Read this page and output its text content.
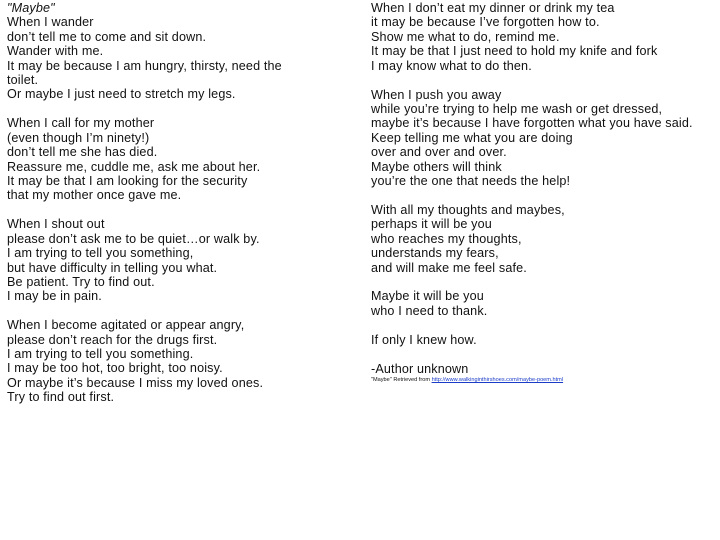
"Maybe"
When I wander
don’t tell me to come and sit down.
Wander with me.
It may be because I am hungry, thirsty, need the
toilet.
Or maybe I just need to stretch my legs.
When I call for my mother
(even though I’m ninety!)
don’t tell me she has died.
Reassure me, cuddle me, ask me about her.
It may be that I am looking for the security
that my mother once gave me.
When I shout out
please don’t ask me to be quiet…or walk by.
I am trying to tell you something,
but have difficulty in telling you what.
Be patient. Try to find out.
I may be in pain.
When I become agitated or appear angry,
please don’t reach for the drugs first.
I am trying to tell you something.
I may be too hot, too bright, too noisy.
Or maybe it’s because I miss my loved ones.
Try to find out first.
When I don’t eat my dinner or drink my tea
it may be because I’ve forgotten how to.
Show me what to do, remind me.
It may be that I just need to hold my knife and fork
I may know what to do then.
When I push you away
while you’re trying to help me wash or get dressed,
maybe it’s because I have forgotten what you have said.
Keep telling me what you are doing
over and over and over.
Maybe others will think
you’re the one that needs the help!
With all my thoughts and maybes,
perhaps it will be you
who reaches my thoughts,
understands my fears,
and will make me feel safe.
Maybe it will be you
who I need to thank.
If only I knew how.
-Author unknown
"Maybe" Retrieved from http://www.walkinginthirshoes.com/maybe-poem.html
